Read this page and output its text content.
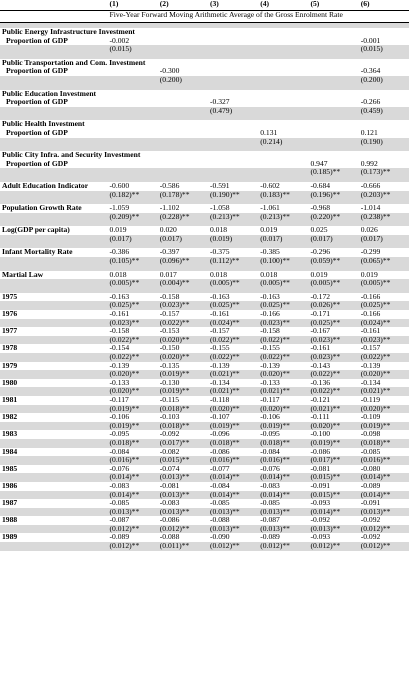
	(1)	(2)	(3)	(4)	(5)	(6)
	Five-Year Forward Moving Arithmetic Average of the Gross Enrolment Rate					

Public Energy Infrastructure Investment						
Proportion of GDP	-0.002					-0.001
	(0.015)					(0.015)

Public Transportation and Com. Investment						
Proportion of GDP		-0.300				-0.364
		(0.200)				(0.200)

Public Education Investment						
Proportion of GDP			-0.327			-0.266
			(0.479)			(0.459)

Public Health Investment						
Proportion of GDP				0.131		0.121
				(0.214)		(0.190)

Public City Infra. and Security Investment						
Proportion of GDP					0.947	0.992
					(0.185)**	(0.173)**

Adult Education Indicator	-0.600	-0.586	-0.591	-0.602	-0.684	-0.666
	(0.182)**	(0.178)**	(0.190)**	(0.183)**	(0.196)**	(0.203)**

Population Growth Rate	-1.059	-1.102	-1.058	-1.061	-0.968	-1.014
	(0.209)**	(0.228)**	(0.213)**	(0.213)**	(0.220)**	(0.238)**

Log(GDP per capita)	0.019	0.020	0.018	0.019	0.025	0.026
	(0.017)	(0.017)	(0.019)	(0.017)	(0.017)	(0.017)

Infant Mortality Rate	-0.386	-0.397	-0.375	-0.385	-0.296	-0.299
	(0.105)**	(0.096)**	(0.112)**	(0.100)**	(0.059)**	(0.065)**

Martial Law	0.018	0.017	0.018	0.018	0.019	0.019
	(0.005)**	(0.004)**	(0.005)**	(0.005)**	(0.005)**	(0.005)**

1975	-0.163	-0.158	-0.163	-0.163	-0.172	-0.166
	(0.025)**	(0.023)**	(0.025)**	(0.025)**	(0.026)**	(0.025)**
1976	-0.161	-0.157	-0.161	-0.166	-0.171	-0.166
	(0.023)**	(0.022)**	(0.024)**	(0.023)**	(0.025)**	(0.024)**
1977	-0.158	-0.153	-0.157	-0.158	-0.167	-0.161
	(0.022)**	(0.020)**	(0.022)**	(0.022)**	(0.023)**	(0.023)**
1978	-0.154	-0.150	-0.155	-0.155	-0.161	-0.157
	(0.022)**	(0.020)**	(0.022)**	(0.022)**	(0.023)**	(0.022)**
1979	-0.139	-0.135	-0.139	-0.139	-0.143	-0.139
	(0.020)**	(0.019)**	(0.021)**	(0.020)**	(0.022)**	(0.020)**
1980	-0.133	-0.130	-0.134	-0.133	-0.136	-0.134
	(0.020)**	(0.019)**	(0.021)**	(0.021)**	(0.022)**	(0.021)**
1981	-0.117	-0.115	-0.118	-0.117	-0.121	-0.119
	(0.019)**	(0.018)**	(0.020)**	(0.020)**	(0.021)**	(0.020)**
1982	-0.106	-0.103	-0.107	-0.106	-0.111	-0.109
	(0.019)**	(0.018)**	(0.019)**	(0.019)**	(0.020)**	(0.019)**
1983	-0.095	-0.092	-0.096	-0.095	-0.100	-0.098
	(0.018)**	(0.017)**	(0.018)**	(0.018)**	(0.019)**	(0.018)**
1984	-0.084	-0.082	-0.086	-0.084	-0.086	-0.085
	(0.016)**	(0.015)**	(0.016)**	(0.016)**	(0.017)**	(0.016)**
1985	-0.076	-0.074	-0.077	-0.076	-0.081	-0.080
	(0.014)**	(0.013)**	(0.014)**	(0.014)**	(0.015)**	(0.014)**
1986	-0.083	-0.081	-0.084	-0.083	-0.091	-0.089
	(0.014)**	(0.013)**	(0.014)**	(0.014)**	(0.015)**	(0.014)**
1987	-0.085	-0.083	-0.085	-0.085	-0.093	-0.091
	(0.013)**	(0.013)**	(0.013)**	(0.013)**	(0.014)**	(0.013)**
1988	-0.087	-0.086	-0.088	-0.087	-0.092	-0.092
	(0.012)**	(0.012)**	(0.013)**	(0.013)**	(0.013)**	(0.012)**
1989	-0.089	-0.088	-0.090	-0.089	-0.093	-0.092
	(0.012)**	(0.011)**	(0.012)**	(0.012)**	(0.012)**	(0.012)**
